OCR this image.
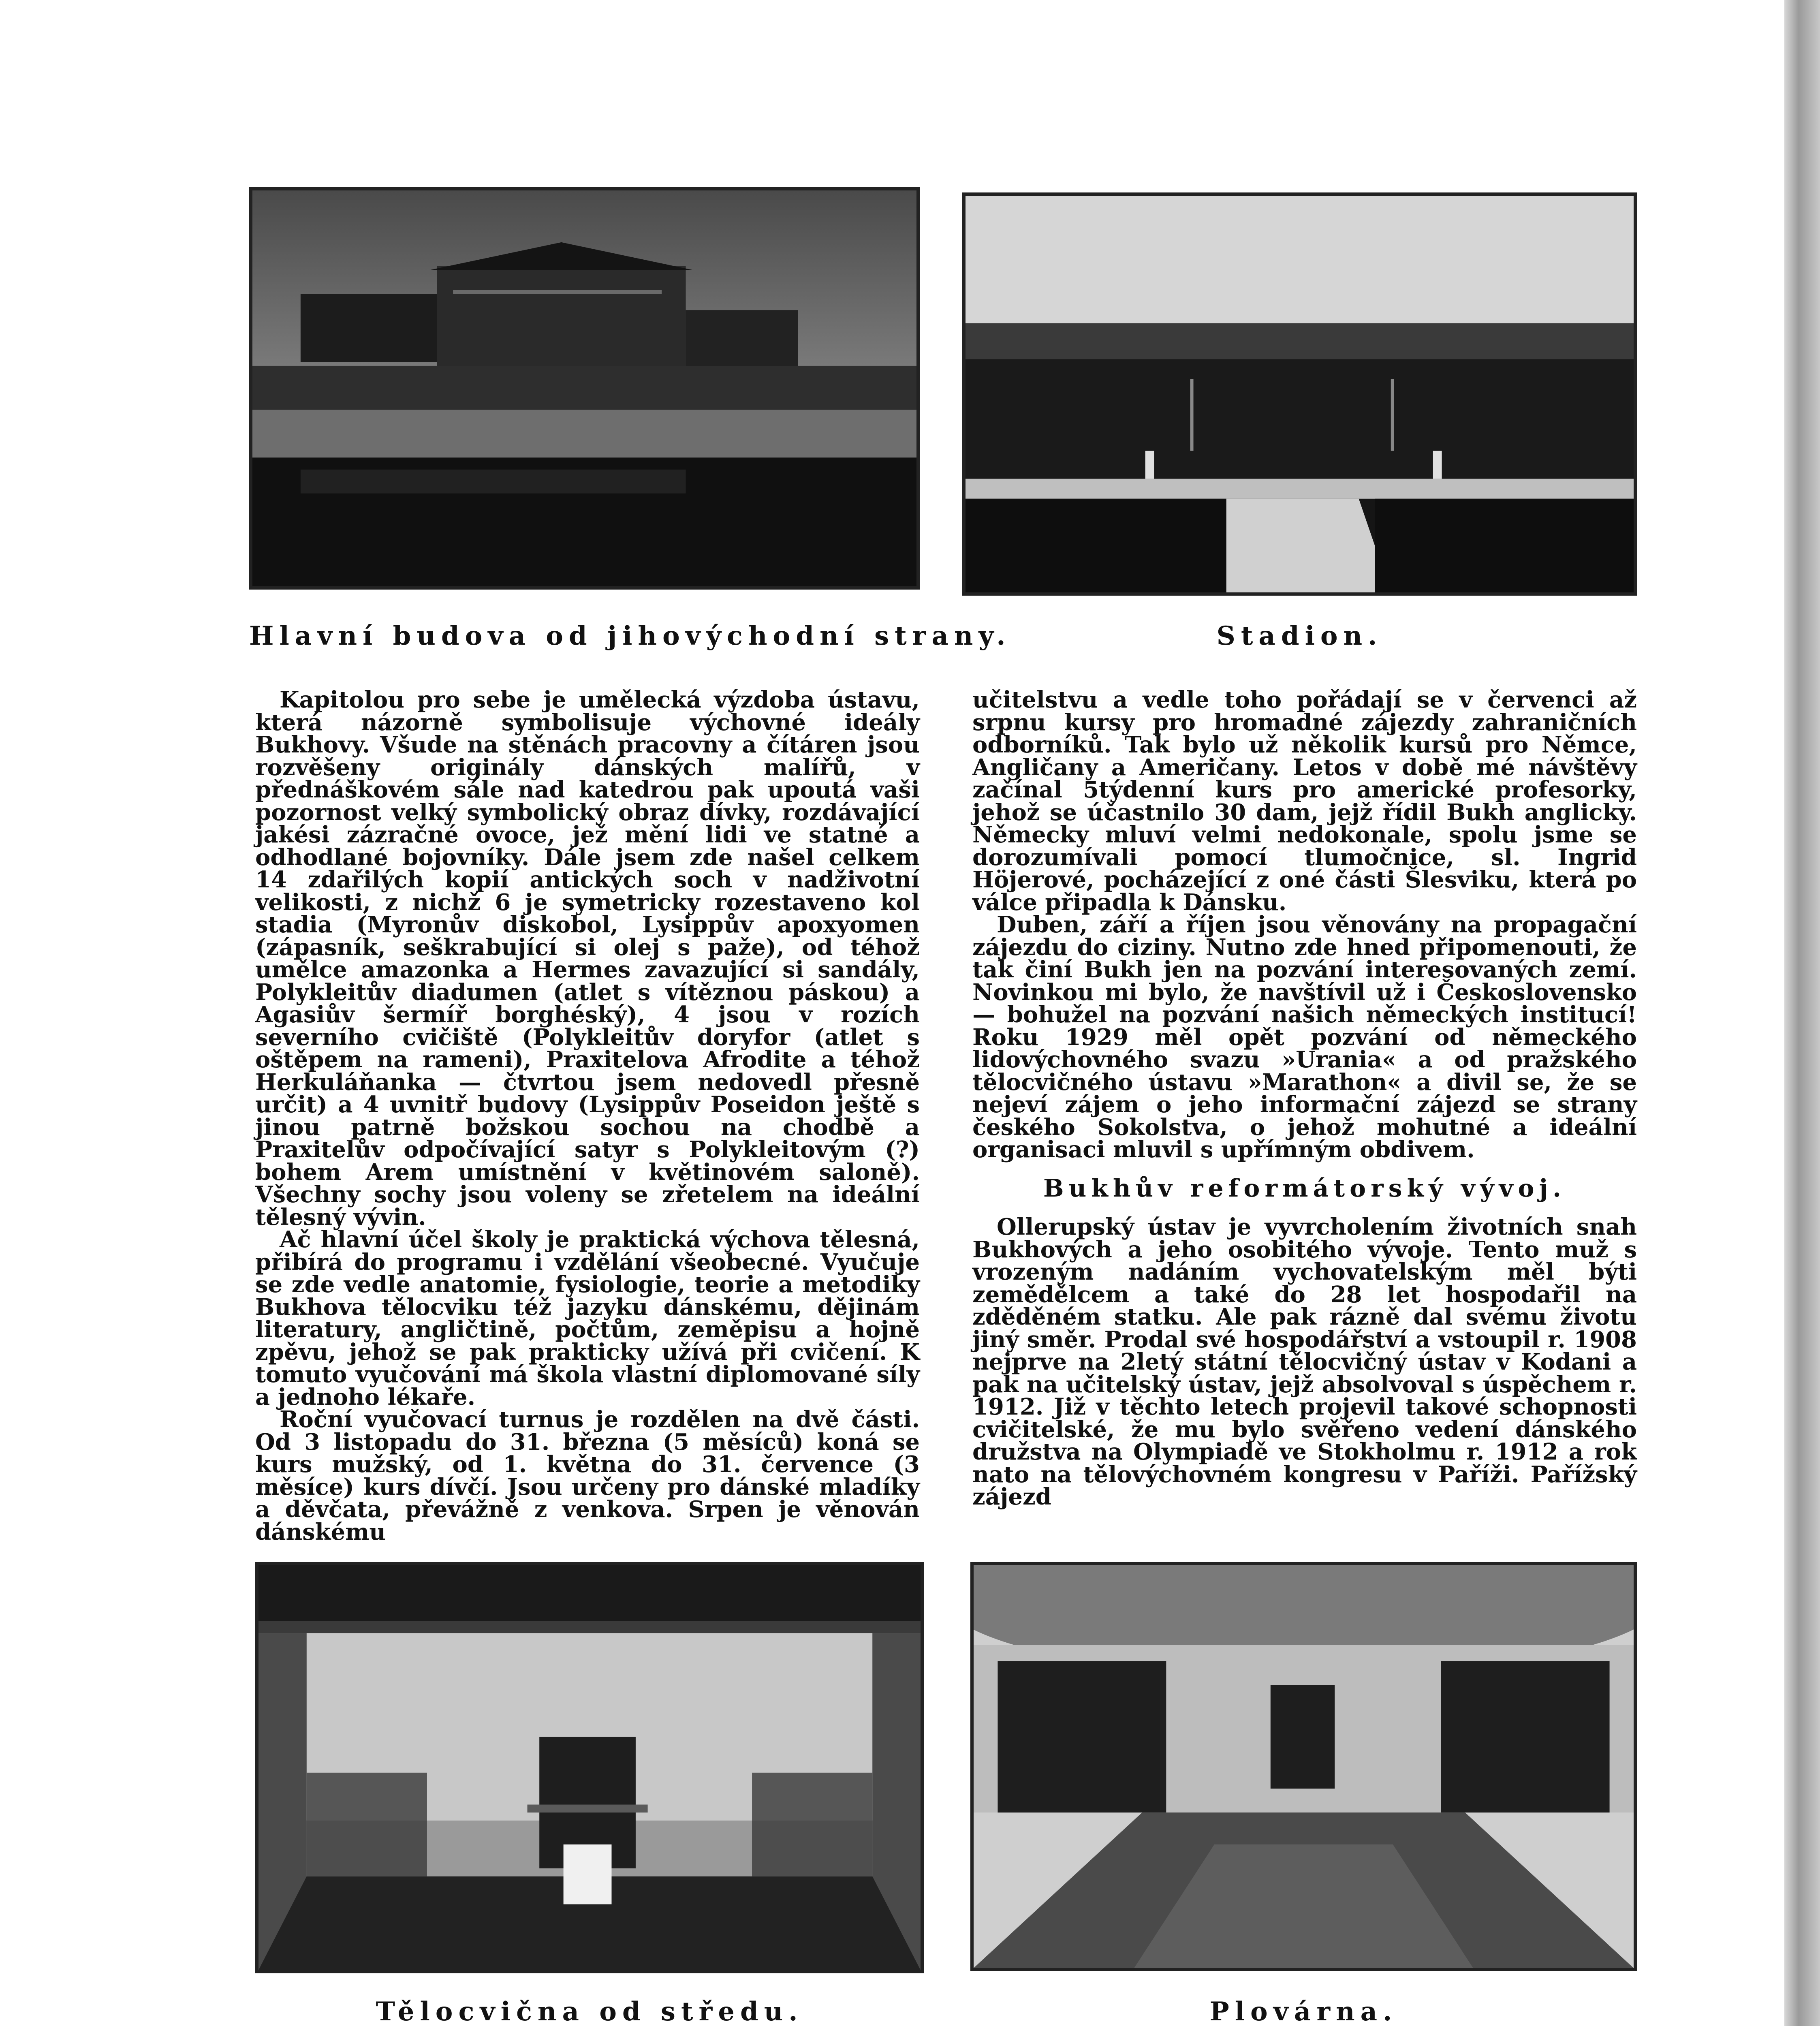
Hlavní budova od jihovýchodní strany.	Stadion.

Kapitolou pro sebe je umělecká výzdoba ústavu, která názorně symbolisuje výchovné ideály Bukhovy. Všude na stěnách pracovny a čítáren jsou rozvěšeny originály dánských malířů, v přednáškovém sále nad katedrou pak upoutá vaši pozornost velký symbolický obraz dívky, rozdávající jakési zázračné ovoce, jež mění lidi ve statné a odhodlané bojovníky. Dále jsem zde našel celkem 14 zdařilých kopií antických soch v nadživotní velikosti, z nichž 6 je symetricky rozestaveno kol stadia (Myronův diskobol, Lysippův apoxyomen (zápasník, seškrabující si olej s paže), od téhož umělce amazonka a Hermes zavazující si sandály, Polykleitův diadumen (atlet s vítěznou páskou) a Agasiův šermíř borghéský), 4 jsou v rozích severního cvičiště (Polykleitův doryfor (atlet s oštěpem na rameni), Praxitelova Afrodite a téhož Herkuláňanka — čtvrtou jsem nedovedl přesně určit) a 4 uvnitř budovy (Lysippův Poseidon ještě s jinou patrně božskou sochou na chodbě a Praxitelův odpočívající satyr s Polykleitovým (?) bohem Arem umístnění v květinovém saloně). Všechny sochy jsou voleny se zřetelem na ideální tělesný vývin.

Ač hlavní účel školy je praktická výchova tělesná, přibírá do programu i vzdělání všeobecné. Vyučuje se zde vedle anatomie, fysiologie, teorie a metodiky Bukhova tělocviku též jazyku dánskému, dějinám literatury, angličtině, počtům, zeměpisu a hojně zpěvu, jehož se pak prakticky užívá při cvičení. K tomuto vyučování má škola vlastní diplomované síly a jednoho lékaře.

Roční vyučovací turnus je rozdělen na dvě části. Od 3 listopadu do 31. března (5 měsíců) koná se kurs mužský, od 1. května do 31. července (3 měsíce) kurs dívčí. Jsou určeny pro dánské mladíky a děvčata, převážně z venkova. Srpen je věnován dánskému

učitelstvu a vedle toho pořádají se v červenci až srpnu kursy pro hromadné zájezdy zahraničních odborníků. Tak bylo už několik kursů pro Němce, Angličany a Američany. Letos v době mé návštěvy začínal 5týdenní kurs pro americké profesorky, jehož se účastnilo 30 dam, jejž řídil Bukh anglicky. Německy mluví velmi nedokonale, spolu jsme se dorozumívali pomocí tlumočnice, sl. Ingrid Höjerové, pocházející z oné části Šlesviku, která po válce připadla k Dánsku.

Duben, září a říjen jsou věnovány na propagační zájezdu do ciziny. Nutno zde hned připomenouti, že tak činí Bukh jen na pozvání interesovaných zemí. Novinkou mi bylo, že navštívil už i Československo — bohužel na pozvání našich německých institucí! Roku 1929 měl opět pozvání od německého lidovýchovného svazu »Urania« a od pražského tělocvičného ústavu »Marathon« a divil se, že se nejeví zájem o jeho informační zájezd se strany českého Sokolstva, o jehož mohutné a ideální organisaci mluvil s upřímným obdivem.

Bukhův reformátorský vývoj.

Ollerupský ústav je vyvrcholením životních snah Bukhových a jeho osobitého vývoje. Tento muž s vrozeným nadáním vychovatelským měl býti zemědělcem a také do 28 let hospodařil na zděděném statku. Ale pak rázně dal svému životu jiný směr. Prodal své hospodářství a vstoupil r. 1908 nejprve na 2letý státní tělocvičný ústav v Kodani a pak na učitelský ústav, jejž absolvoval s úspěchem r. 1912. Již v těchto letech projevil takové schopnosti cvičitelské, že mu bylo svěřeno vedení dánského družstva na Olympiadě ve Stokholmu r. 1912 a rok nato na tělovýchovném kongresu v Paříži. Pařížský zájezd

Tělocvična od středu.	Plovárna.
